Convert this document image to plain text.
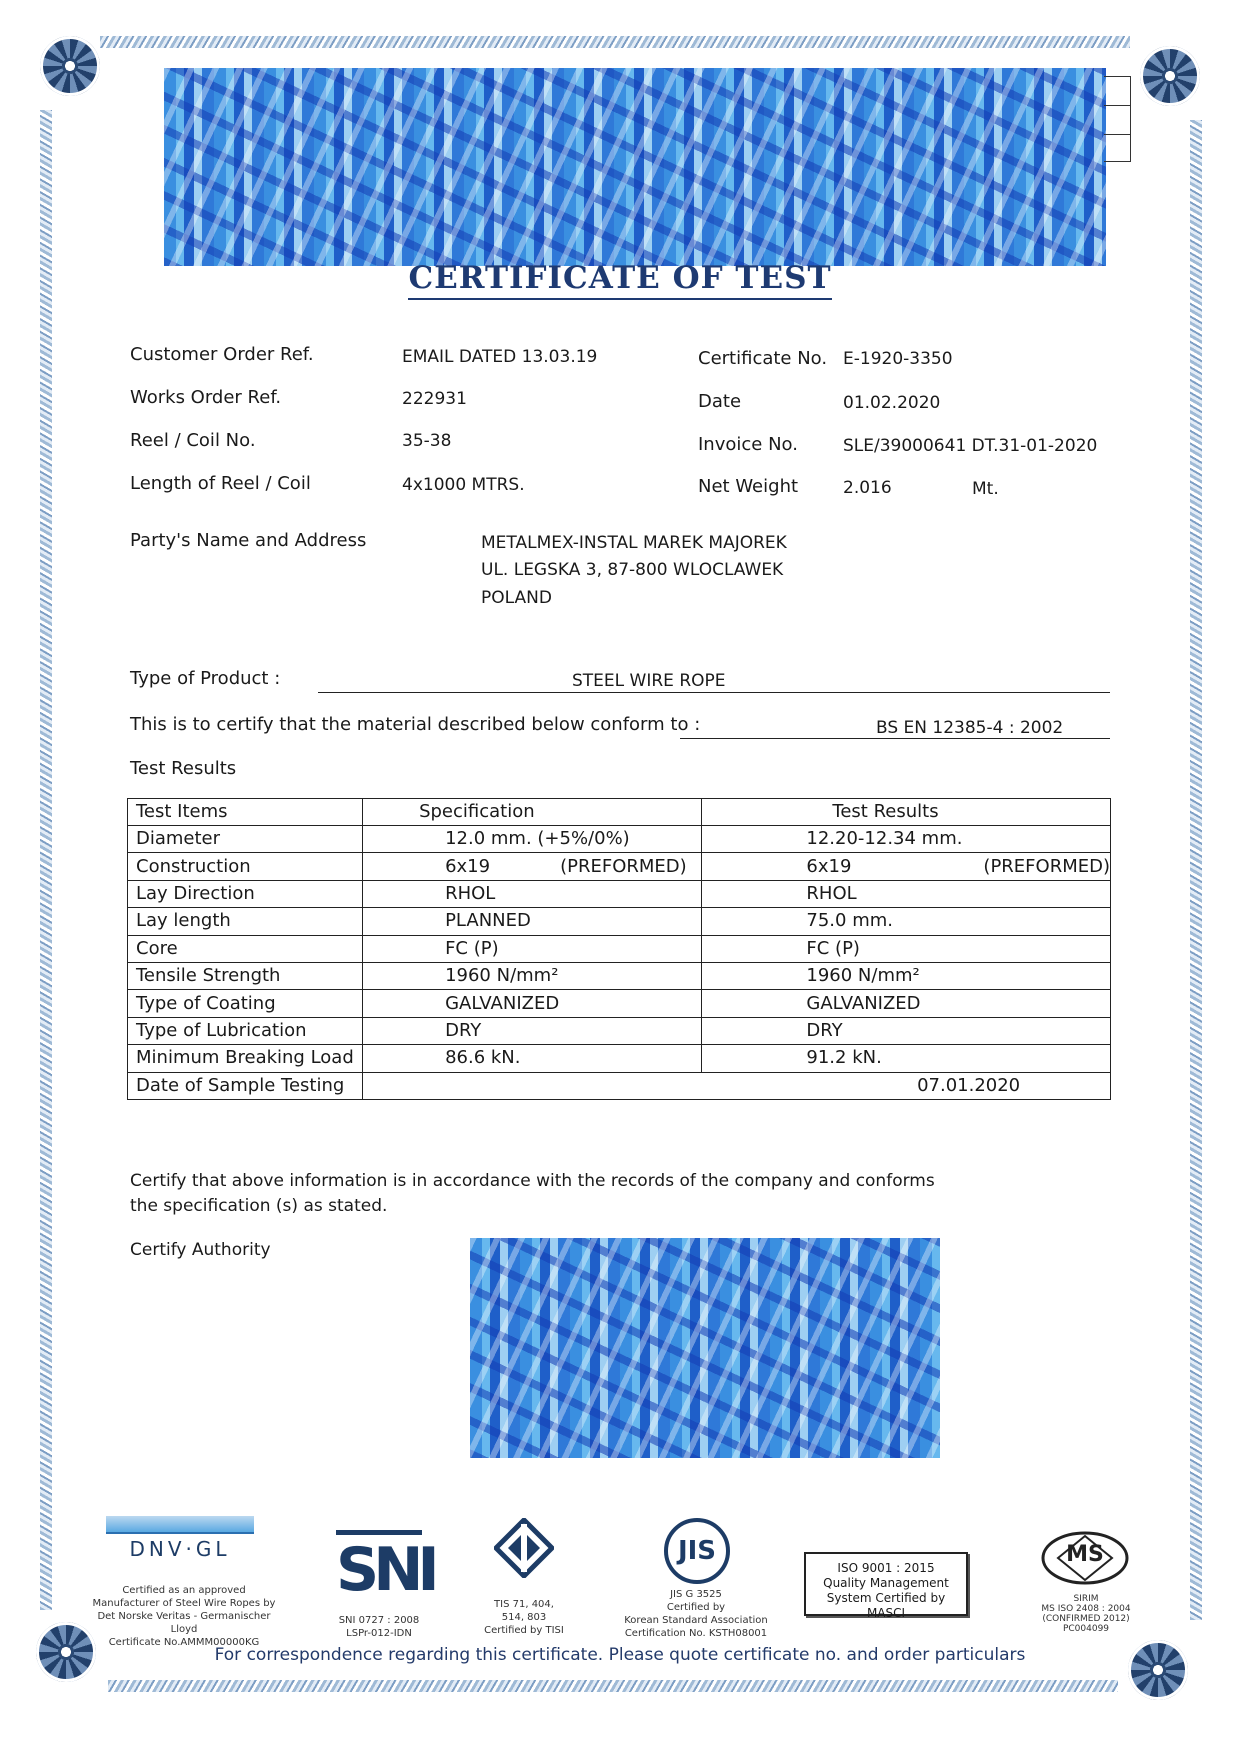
CERTIFICATE OF TEST
Customer Order Ref.	EMAIL DATED 13.03.19
Works Order Ref.	222931
Reel / Coil No.	35-38
Length of Reel / Coil	4x1000 MTRS.
Certificate No. E-1920-3350
Date	01.02.2020
Invoice No.	SLE/39000641 DT.31-01-2020
Net Weight	2.016	Mt.
Party's Name and Address	METALMEX-INSTAL MAREK MAJOREK
UL. LEGSKA 3, 87-800 WLOCLAWEK
POLAND
Type of Product :	STEEL WIRE ROPE
This is to certify that the material described below conform to :	BS EN 12385-4 : 2002
Test Results
Test Items	Specification	Test Results
Diameter	12.0 mm. (+5%/0%)	12.20-12.34 mm.
Construction	6x19 (PREFORMED)	6x19 (PREFORMED)
Lay Direction	RHOL	RHOL
Lay length	PLANNED	75.0 mm.
Core	FC (P)	FC (P)
Tensile Strength	1960 N/mm²	1960 N/mm²
Type of Coating	GALVANIZED	GALVANIZED
Type of Lubrication	DRY	DRY
Minimum Breaking Load	86.6 kN.	91.2 kN.
Date of Sample Testing	07.01.2020	
Certify that above information is in accordance with the records of the company and conforms
the specification (s) as stated.
Certify Authority
DNV·GL
Certified as an approved
Manufacturer of Steel Wire Ropes by
Det Norske Veritas - Germanischer Lloyd
Certificate No.AMMM00000KG
SNI
SNI 0727 : 2008
LSPr-012-IDN
TIS 71, 404,
514, 803
Certified by TISI
JIS
JIS G 3525
Certified by
Korean Standard Association
Certification No. KSTH08001
ISO 9001 : 2015
Quality Management
System Certified by MASCI
MS
SIRIM
MS ISO 2408 : 2004
(CONFIRMED 2012)
PC004099
For correspondence regarding this certificate. Please quote certificate no. and order particulars
